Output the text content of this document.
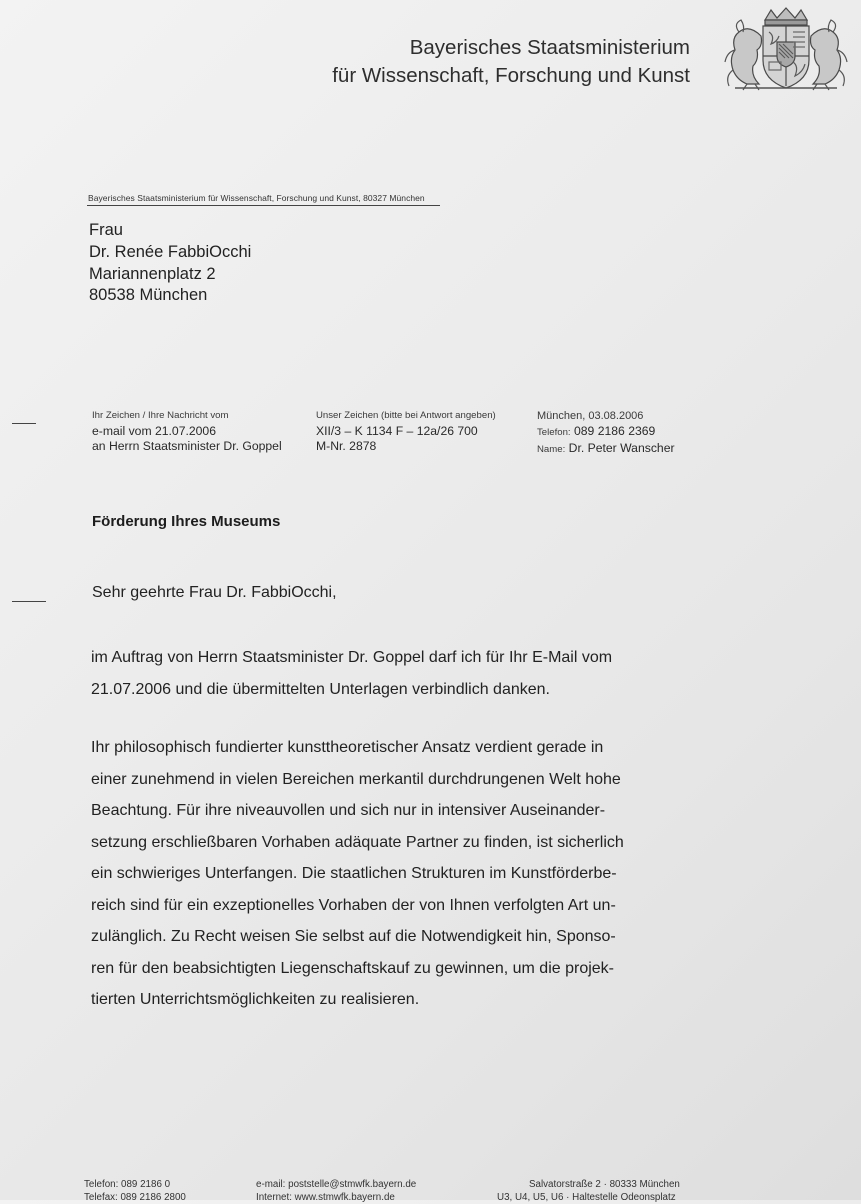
Bayerisches Staatsministerium
für Wissenschaft, Forschung und Kunst
Bayerisches Staatsministerium für Wissenschaft, Forschung und Kunst, 80327 München
Frau
Dr. Renée FabbiOcchi
Mariannenplatz 2
80538 München
Ihr Zeichen / Ihre Nachricht vom
e-mail vom 21.07.2006
an Herrn Staatsminister Dr. Goppel
Unser Zeichen (bitte bei Antwort angeben)
XII/3 – K 1134 F – 12a/26 700
M-Nr. 2878
München, 03.08.2006
Telefon: 089 2186 2369
Name: Dr. Peter Wanscher
Förderung Ihres Museums
Sehr geehrte Frau Dr. FabbiOcchi,
im Auftrag von Herrn Staatsminister Dr. Goppel darf ich für Ihr E-Mail vom
21.07.2006 und die übermittelten Unterlagen verbindlich danken.
Ihr philosophisch fundierter kunsttheoretischer Ansatz verdient gerade in
einer zunehmend in vielen Bereichen merkantil durchdrungenen Welt hohe
Beachtung. Für ihre niveauvollen und sich nur in intensiver Auseinander-
setzung erschließbaren Vorhaben adäquate Partner zu finden, ist sicherlich
ein schwieriges Unterfangen. Die staatlichen Strukturen im Kunstförderbe-
reich sind für ein exzeptionelles Vorhaben der von Ihnen verfolgten Art un-
zulänglich. Zu Recht weisen Sie selbst auf die Notwendigkeit hin, Sponso-
ren für den beabsichtigten Liegenschaftskauf zu gewinnen, um die projek-
tierten Unterrichtsmöglichkeiten zu realisieren.
Telefon: 089 2186 0
Telefax: 089 2186 2800
e-mail: poststelle@stmwfk.bayern.de
Internet: www.stmwfk.bayern.de
Salvatorstraße 2 · 80333 München
U3, U4, U5, U6 · Haltestelle Odeonsplatz
